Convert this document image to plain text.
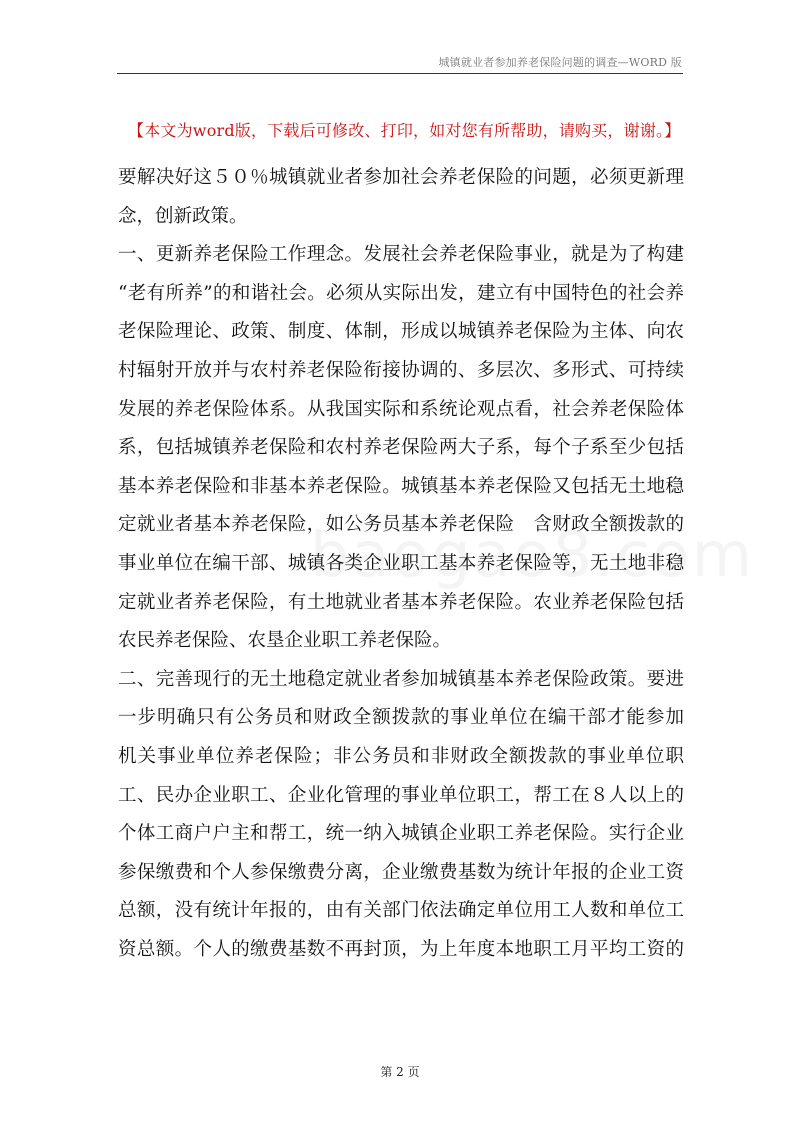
城镇就业者参加养老保险问题的调查—WORD 版
【本文为word版，下载后可修改、打印，如对您有所帮助，请购买，谢谢。】
要解决好这５０％城镇就业者参加社会养老保险的问题，必须更新理
念，创新政策。
一、更新养老保险工作理念。发展社会养老保险事业，就是为了构建
“老有所养”的和谐社会。必须从实际出发，建立有中国特色的社会养
老保险理论、政策、制度、体制，形成以城镇养老保险为主体、向农
村辐射开放并与农村养老保险衔接协调的、多层次、多形式、可持续
发展的养老保险体系。从我国实际和系统论观点看，社会养老保险体
系，包括城镇养老保险和农村养老保险两大子系，每个子系至少包括
基本养老保险和非基本养老保险。城镇基本养老保险又包括无土地稳
定就业者基本养老保险，如公务员基本养老保险　含财政全额拨款的
事业单位在编干部、城镇各类企业职工基本养老保险等，无土地非稳
定就业者养老保险，有土地就业者基本养老保险。农业养老保险包括
农民养老保险、农垦企业职工养老保险。
二、完善现行的无土地稳定就业者参加城镇基本养老保险政策。要进
一步明确只有公务员和财政全额拨款的事业单位在编干部才能参加
机关事业单位养老保险；非公务员和非财政全额拨款的事业单位职
工、民办企业职工、企业化管理的事业单位职工，帮工在８人以上的
个体工商户户主和帮工，统一纳入城镇企业职工养老保险。实行企业
参保缴费和个人参保缴费分离，企业缴费基数为统计年报的企业工资
总额，没有统计年报的，由有关部门依法确定单位用工人数和单位工
资总额。个人的缴费基数不再封顶，为上年度本地职工月平均工资的
第 2 页
